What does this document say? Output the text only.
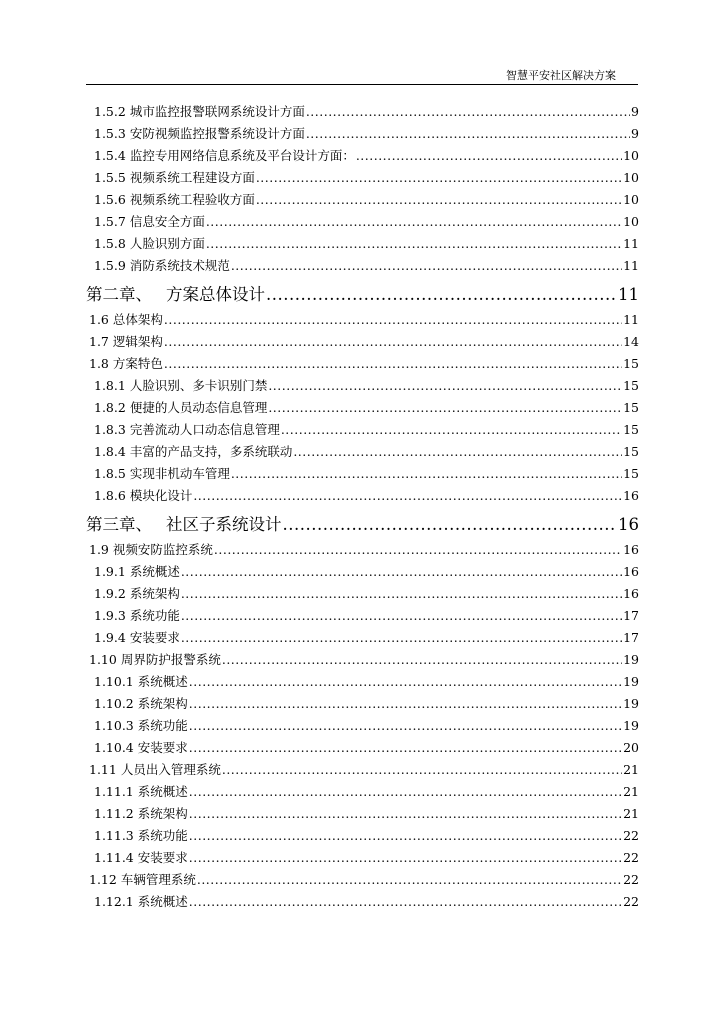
智慧平安社区解决方案
1.5.2 城市监控报警联网系统设计方面 .....	9
1.5.3 安防视频监控报警系统设计方面 .....	9
1.5.4 监控专用网络信息系统及平台设计方面： .....	10
1.5.5 视频系统工程建设方面 .....	10
1.5.6 视频系统工程验收方面 .....	10
1.5.7 信息安全方面 .....	10
1.5.8 人脸识别方面 .....	11
1.5.9 消防系统技术规范 .....	11
第二章、 方案总体设计 .....	11
1.6 总体架构 .....	11
1.7 逻辑架构 .....	14
1.8 方案特色 .....	15
1.8.1 人脸识别、多卡识别门禁 .....	15
1.8.2 便捷的人员动态信息管理 .....	15
1.8.3 完善流动人口动态信息管理 .....	15
1.8.4 丰富的产品支持，多系统联动 .....	15
1.8.5 实现非机动车管理 .....	15
1.8.6 模块化设计 .....	16
第三章、 社区子系统设计 .....	16
1.9 视频安防监控系统 .....	16
1.9.1 系统概述 .....	16
1.9.2 系统架构 .....	16
1.9.3 系统功能 .....	17
1.9.4 安装要求 .....	17
1.10 周界防护报警系统 .....	19
1.10.1 系统概述 .....	19
1.10.2 系统架构 .....	19
1.10.3 系统功能 .....	19
1.10.4 安装要求 .....	20
1.11 人员出入管理系统 .....	21
1.11.1 系统概述 .....	21
1.11.2 系统架构 .....	21
1.11.3 系统功能 .....	22
1.11.4 安装要求 .....	22
1.12 车辆管理系统 .....	22
1.12.1 系统概述 .....	22
